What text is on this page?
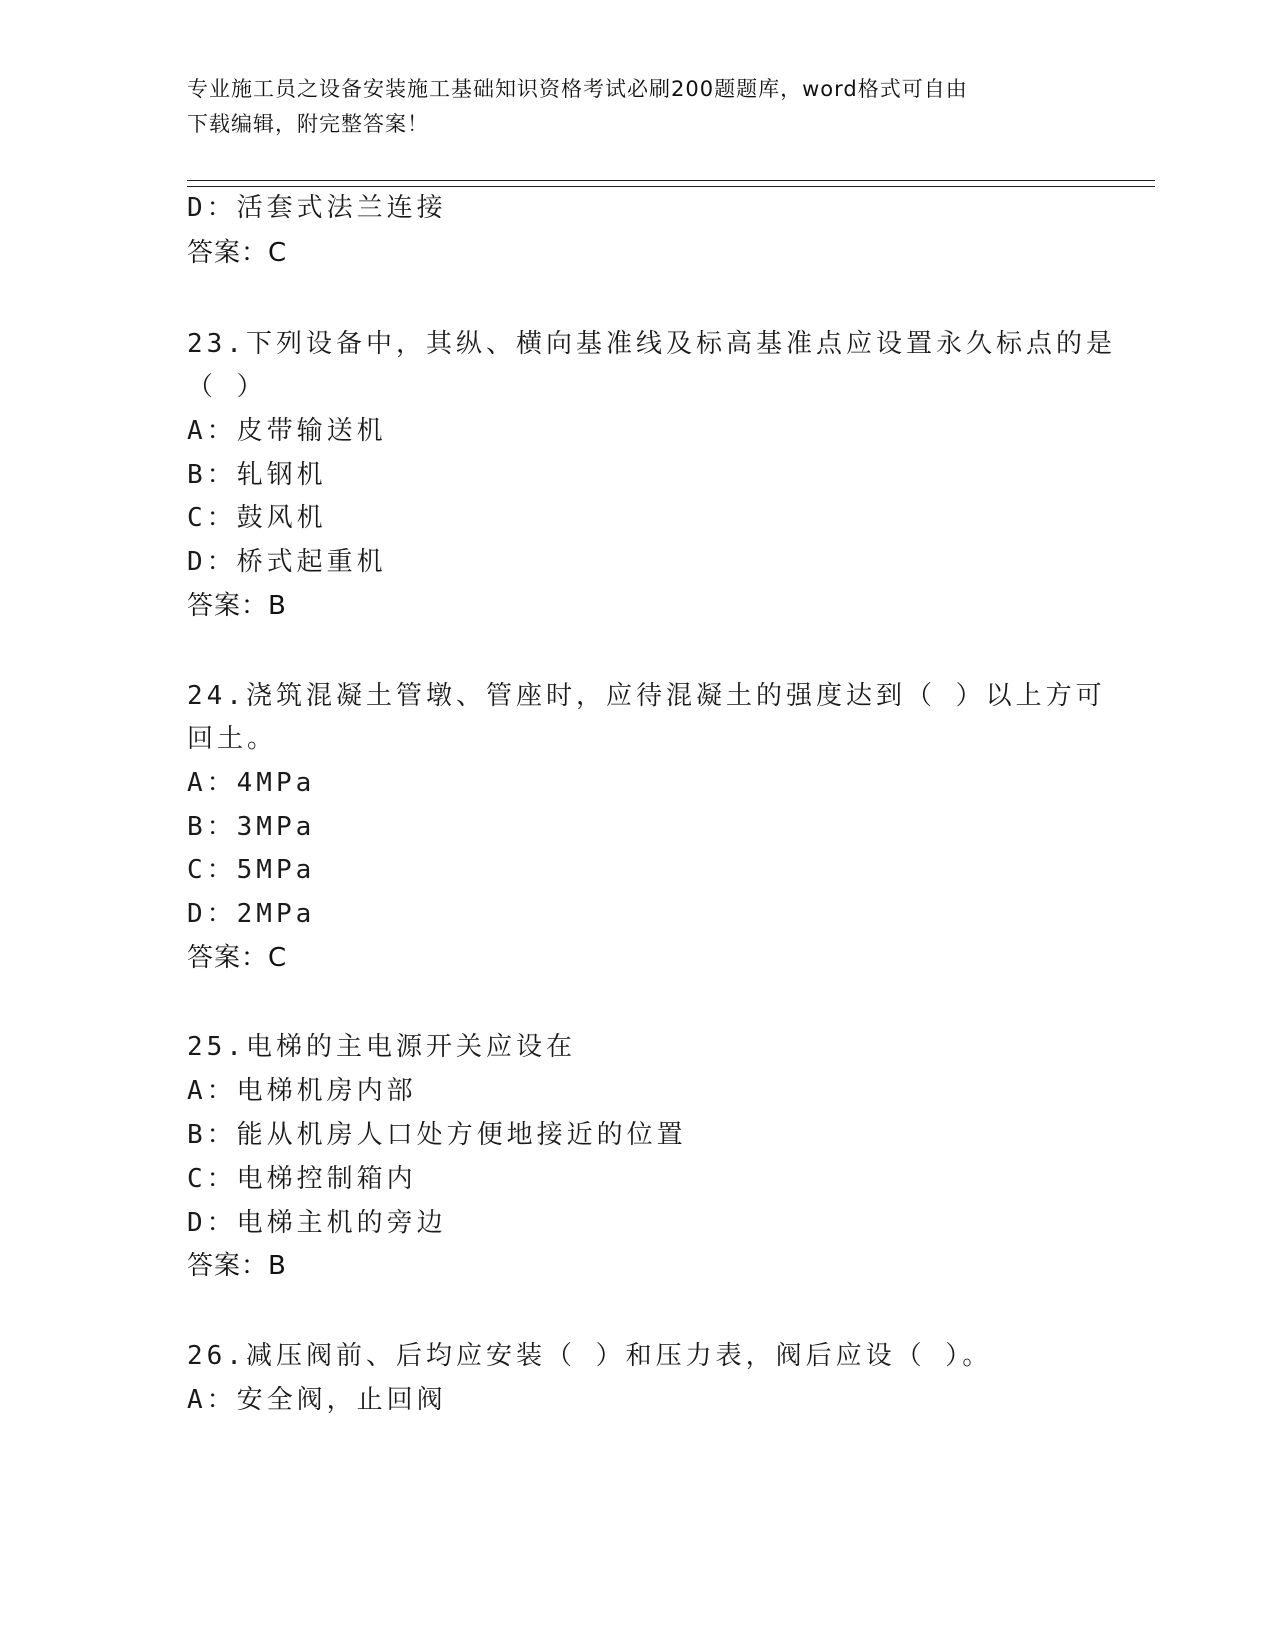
专业施工员之设备安装施工基础知识资格考试必刷200题题库，word格式可自由
下载编辑，附完整答案！
D：活套式法兰连接
答案：C
23.下列设备中，其纵、横向基准线及标高基准点应设置永久标点的是
（ ）
A：皮带输送机
B：轧钢机
C：鼓风机
D：桥式起重机
答案：B
24.浇筑混凝土管墩、管座时，应待混凝土的强度达到（ ）以上方可
回土。
A：4MPa
B：3MPa
C：5MPa
D：2MPa
答案：C
25.电梯的主电源开关应设在
A：电梯机房内部
B：能从机房人口处方便地接近的位置
C：电梯控制箱内
D：电梯主机的旁边
答案：B
26.减压阀前、后均应安装（ ）和压力表，阀后应设（ ）。
A：安全阀，止回阀
